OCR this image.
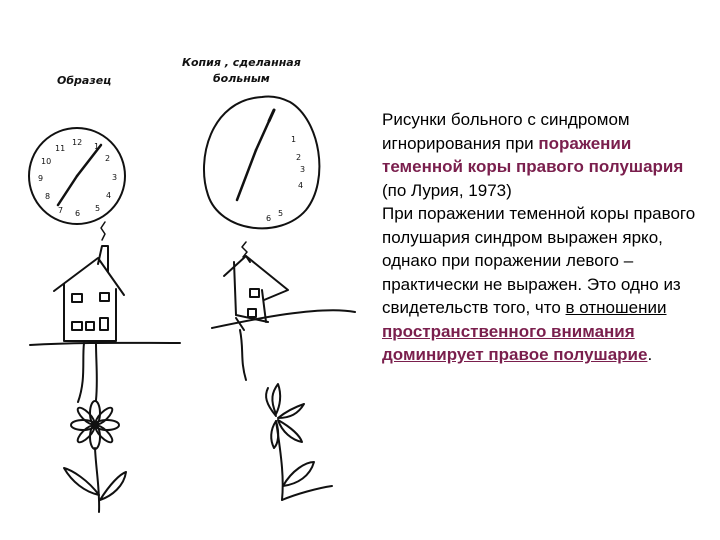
Образец
Копия , сделанная
больным
12 1
2
3
4
5
6
7
8
9
10
11
1
2
3
4
5
6
Рисунки больного с синдромом игнорирования при поражении теменной коры правого полушария (по Лурия, 1973)
При поражении теменной коры правого полушария синдром выражен ярко, однако при поражении левого – практически не выражен. Это одно из свидетельств того, что в отношении пространственного внимания доминирует правое полушарие.
